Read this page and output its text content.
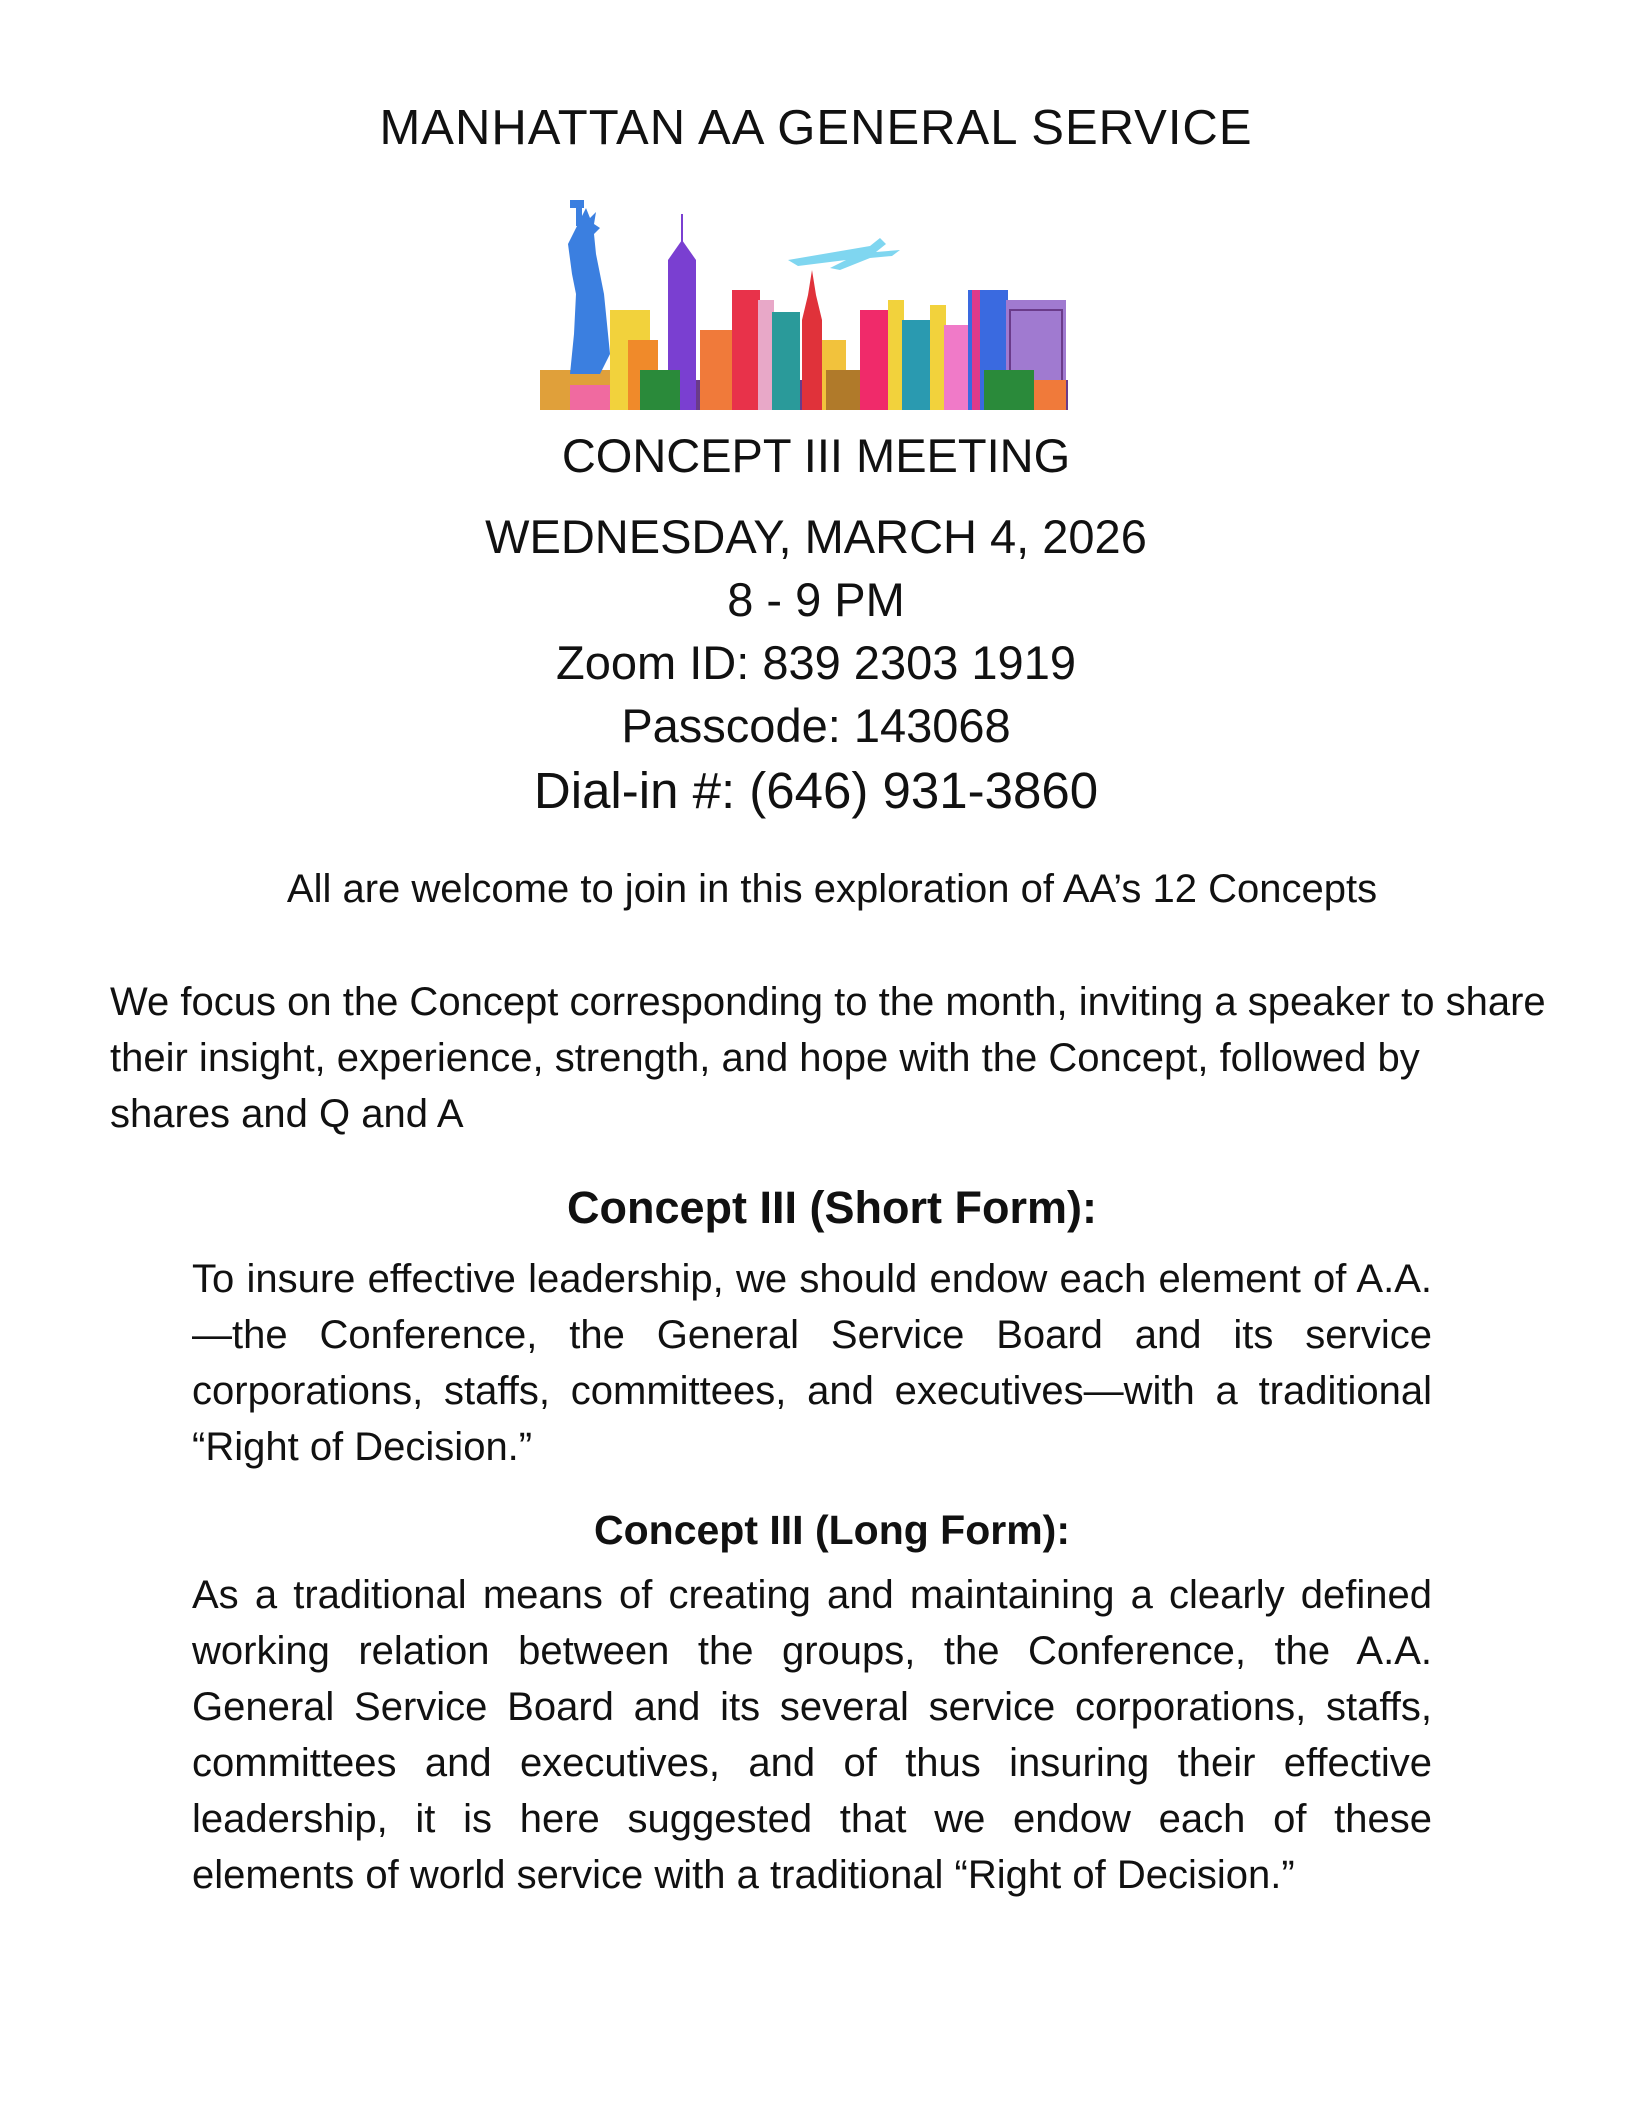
MANHATTAN AA GENERAL SERVICE
CONCEPT III MEETING
WEDNESDAY, MARCH 4, 2026
8 - 9 PM
Zoom ID: 839 2303 1919
Passcode: 143068
Dial-in #: (646) 931-3860
All are welcome to join in this exploration of AA’s 12 Concepts
We focus on the Concept corresponding to the month, inviting a speaker to share their insight, experience, strength, and hope with the Concept, followed by shares and Q and A
Concept III (Short Form):
To insure effective leadership, we should endow each element of A.A.—the Conference, the General Service Board and its service corporations, staffs, committees, and executives—with a traditional “Right of Decision.”
Concept III (Long Form):
As a traditional means of creating and maintaining a clearly defined working relation between the groups, the Conference, the A.A. General Service Board and its several service corporations, staffs, committees and executives, and of thus insuring their effective leadership, it is here suggested that we endow each of these elements of world service with a traditional “Right of Decision.”
